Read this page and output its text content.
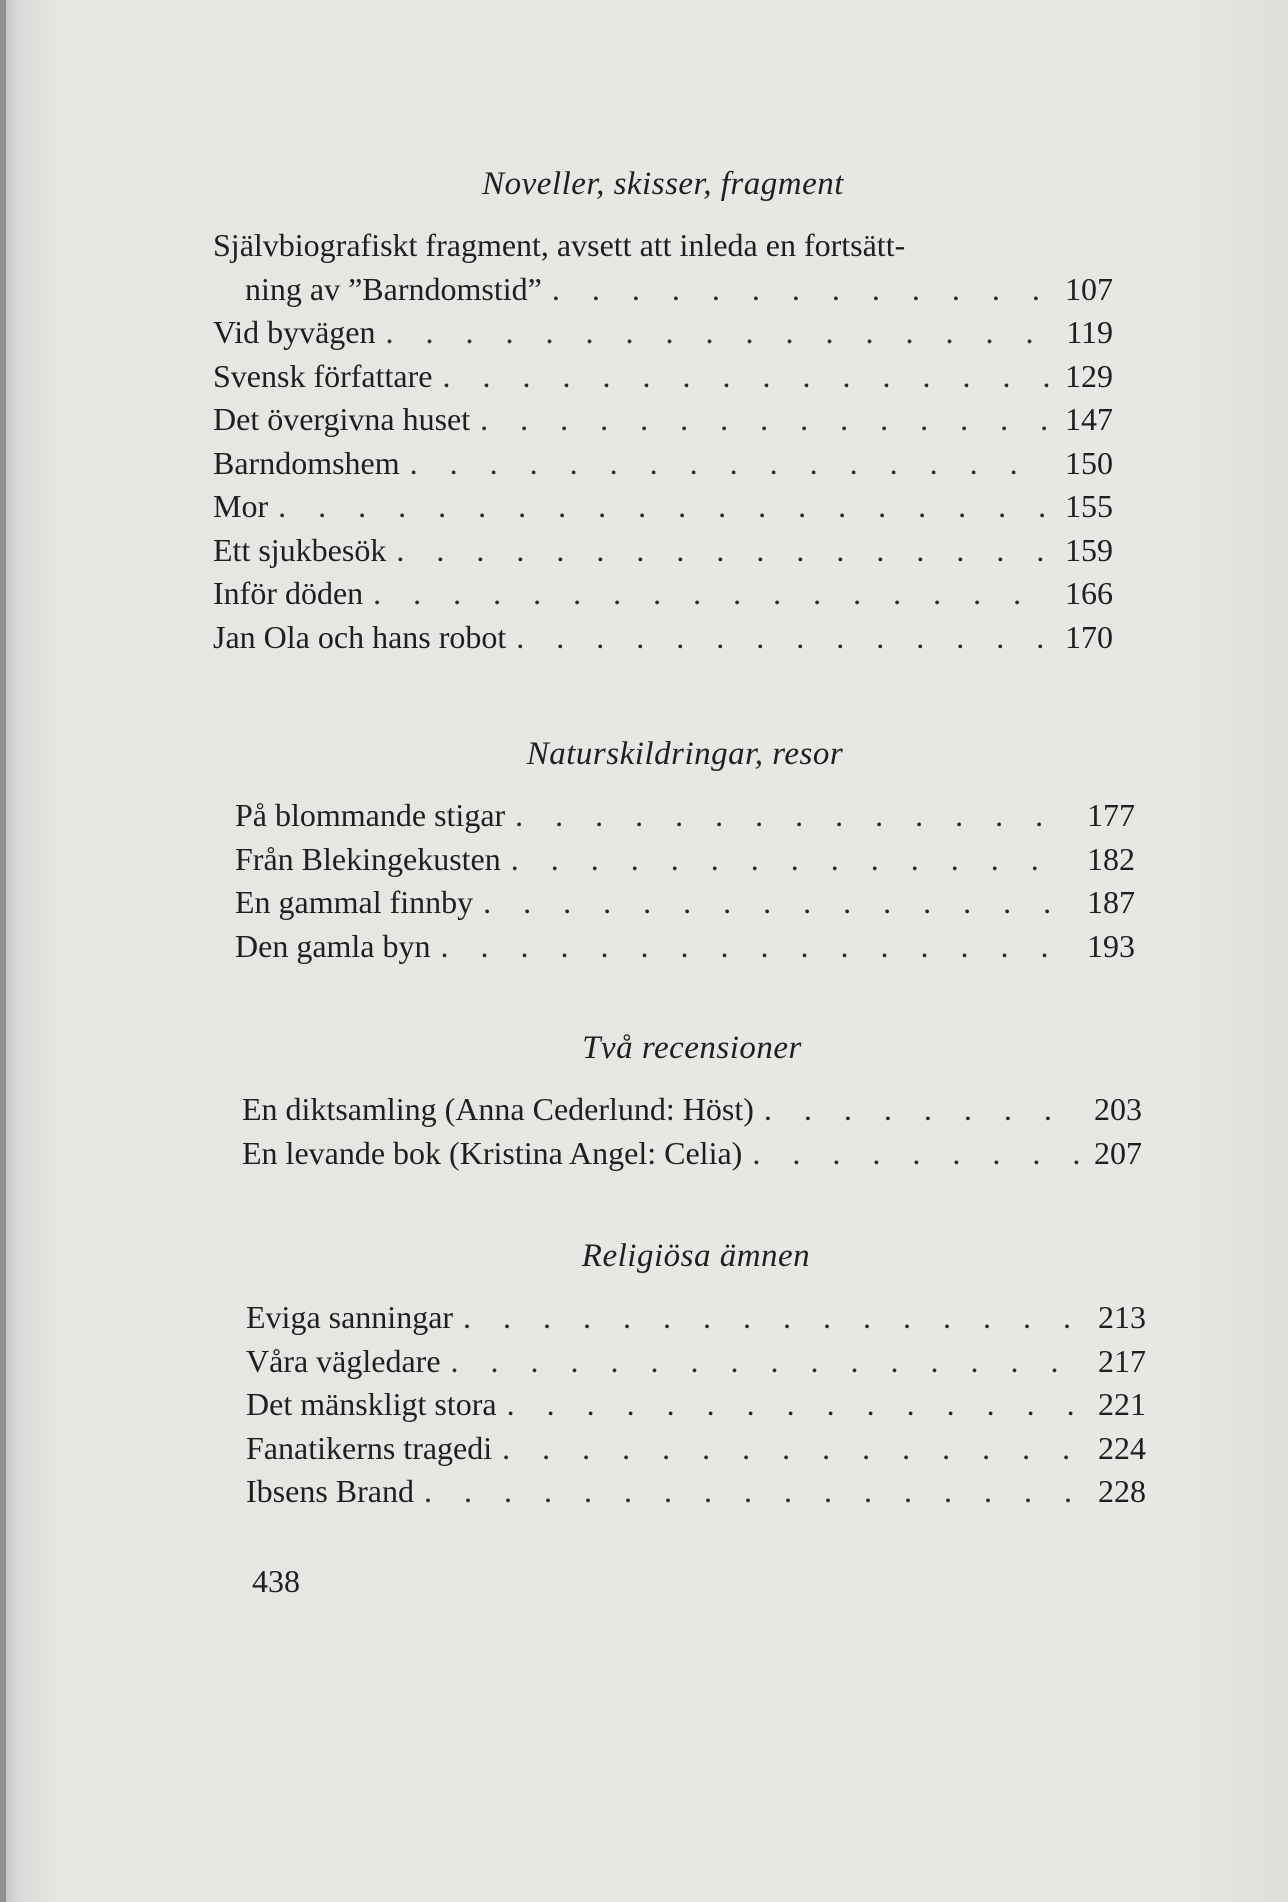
Noveller, skisser, fragment
Självbiografiskt fragment, avsett att inleda en fortsätt-
ning av ”Barndomstid” . . .	107
Vid byvägen . . .	119
Svensk författare . . .	129
Det övergivna huset . . .	147
Barndomshem . . .	150
Mor . . .	155
Ett sjukbesök . . .	159
Inför döden . . .	166
Jan Ola och hans robot . . .	170
Naturskildringar, resor
På blommande stigar . . .	177
Från Blekingekusten . . .	182
En gammal finnby . . .	187
Den gamla byn . . .	193
Två recensioner
En diktsamling (Anna Cederlund: Höst) . . .	203
En levande bok (Kristina Angel: Celia) . . .	207
Religiösa ämnen
Eviga sanningar . . .	213
Våra vägledare . . .	217
Det mänskligt stora . . .	221
Fanatikerns tragedi . . .	224
Ibsens Brand . . .	228
438
